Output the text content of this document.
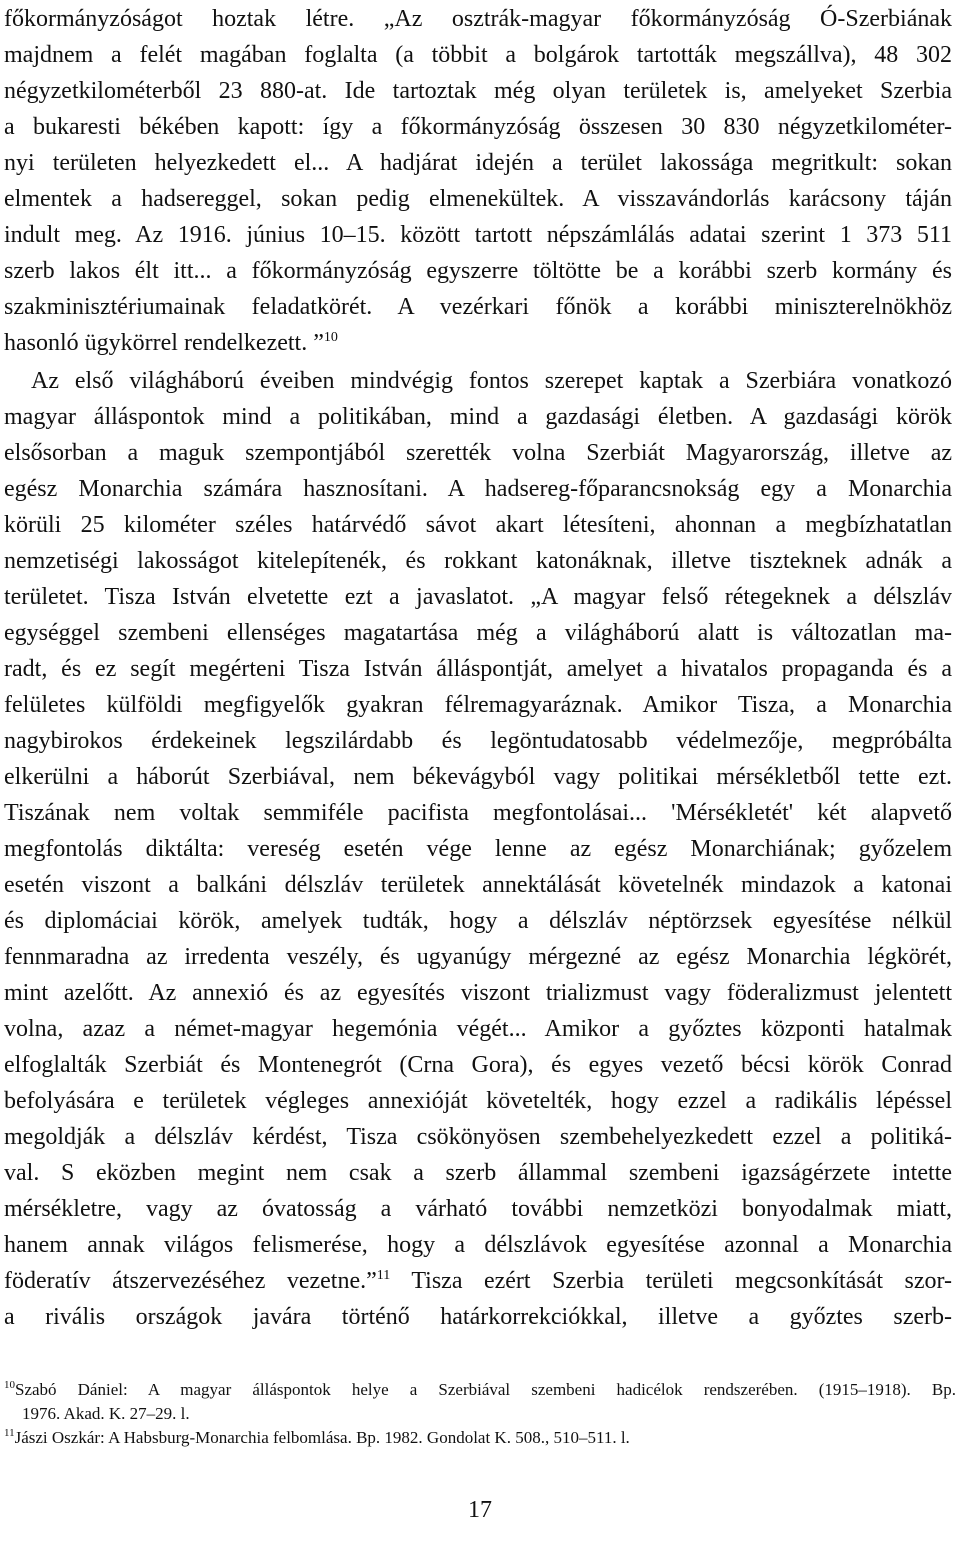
főkormányzóságot hoztak létre. „Az osztrák-magyar főkormányzóság Ó-Szerbiának
majdnem a felét magában foglalta (a többit a bolgárok tartották megszállva), 48 302
négyzetkilométerből 23 880-at. Ide tartoztak még olyan területek is, amelyeket Szerbia
a bukaresti békében kapott: így a főkormányzóság összesen 30 830 négyzetkilométer-
nyi területen helyezkedett el... A hadjárat idején a terület lakossága megritkult: sokan
elmentek a hadsereggel, sokan pedig elmenekültek. A visszavándorlás karácsony táján
indult meg. Az 1916. június 10–15. között tartott népszámlálás adatai szerint 1 373 511
szerb lakos élt itt... a főkormányzóság egyszerre töltötte be a korábbi szerb kormány és
szakminisztériumainak feladatkörét. A vezérkari főnök a korábbi miniszterelnökhöz
hasonló ügykörrel rendelkezett. ”$^{10}$
Az első világháború éveiben mindvégig fontos szerepet kaptak a Szerbiára vonatkozó
magyar álláspontok mind a politikában, mind a gazdasági életben. A gazdasági körök
elsősorban a maguk szempontjából szerették volna Szerbiát Magyarország, illetve az
egész Monarchia számára hasznosítani. A hadsereg-főparancsnokság egy a Monarchia
körüli 25 kilométer széles határvédő sávot akart létesíteni, ahonnan a megbízhatatlan
nemzetiségi lakosságot kitelepítenék, és rokkant katonáknak, illetve tiszteknek adnák a
területet. Tisza István elvetette ezt a javaslatot. „A magyar felső rétegeknek a délszláv
egységgel szembeni ellenséges magatartása még a világháború alatt is változatlan ma-
radt, és ez segít megérteni Tisza István álláspontját, amelyet a hivatalos propaganda és a
felületes külföldi megfigyelők gyakran félremagyaráznak. Amikor Tisza, a Monarchia
nagybirokos érdekeinek legszilárdabb és legöntudatosabb védelmezője, megpróbálta
elkerülni a háborút Szerbiával, nem békevágyból vagy politikai mérsékletből tette ezt.
Tiszának nem voltak semmiféle pacifista megfontolásai... 'Mérsékletét' két alapvető
megfontolás diktálta: vereség esetén vége lenne az egész Monarchiának; győzelem
esetén viszont a balkáni délszláv területek annektálását követelnék mindazok a katonai
és diplomáciai körök, amelyek tudták, hogy a délszláv néptörzsek egyesítése nélkül
fennmaradna az irredenta veszély, és ugyanúgy mérgezné az egész Monarchia légkörét,
mint azelőtt. Az annexió és az egyesítés viszont trializmust vagy föderalizmust jelentett
volna, azaz a német-magyar hegemónia végét... Amikor a győztes központi hatalmak
elfoglalták Szerbiát és Montenegrót (Crna Gora), és egyes vezető bécsi körök Conrad
befolyására e területek végleges annexióját követelték, hogy ezzel a radikális lépéssel
megoldják a délszláv kérdést, Tisza csökönyösen szembehelyezkedett ezzel a politiká-
val. S eközben megint nem csak a szerb állammal szembeni igazságérzete intette
mérsékletre, vagy az óvatosság a várható további nemzetközi bonyodalmak miatt,
hanem annak világos felismerése, hogy a délszlávok egyesítése azonnal a Monarchia
föderatív átszervezéséhez vezetne.”$^{11}$ Tisza ezért Szerbia területi megcsonkítását szor-
a rivális országok javára történő határkorrekciókkal, illetve a győztes szerb-
$^{10}$Szabó Dániel: A magyar álláspontok helye a Szerbiával szembeni hadicélok rendszerében. (1915–1918). Bp.
1976. Akad. K. 27–29. l.
$^{11}$Jászi Oszkár: A Habsburg-Monarchia felbomlása. Bp. 1982. Gondolat K. 508., 510–511. l.
17
